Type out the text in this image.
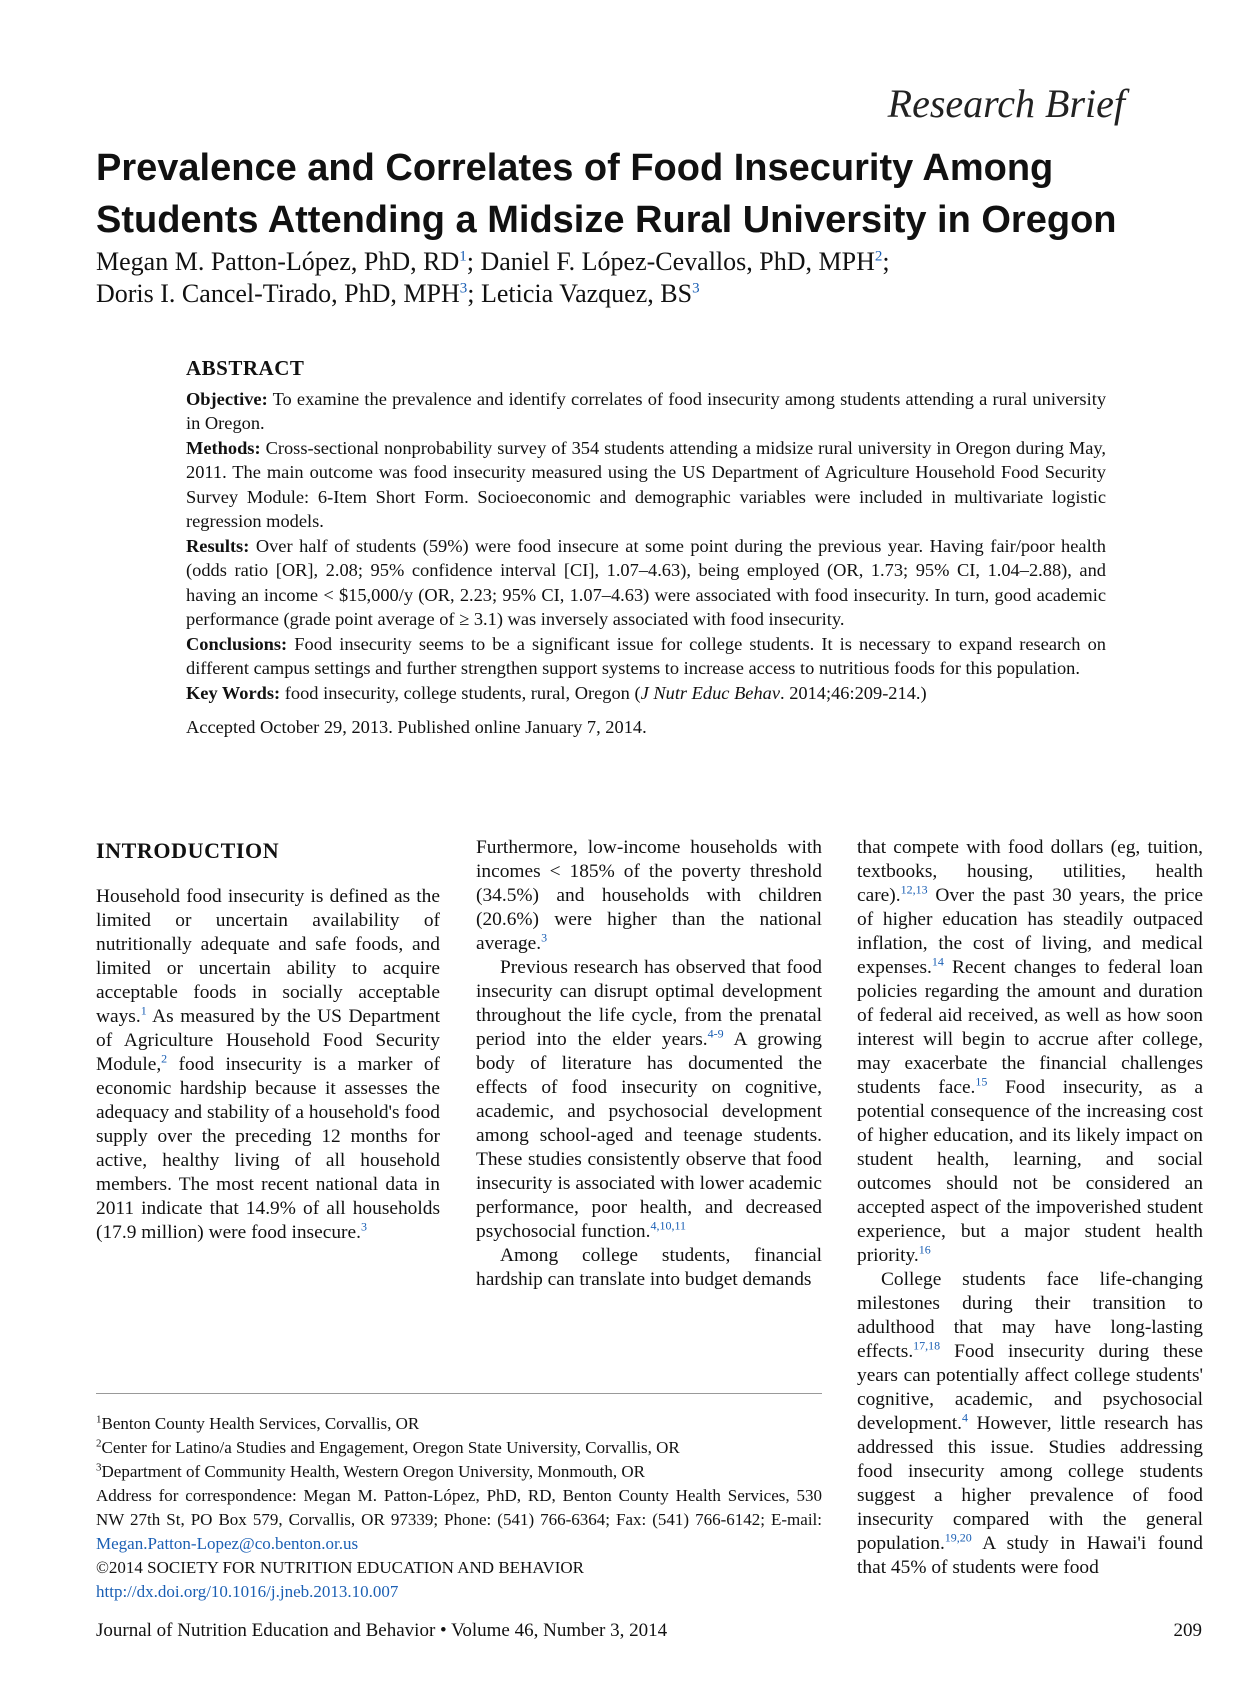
Research Brief
Prevalence and Correlates of Food Insecurity Among Students Attending a Midsize Rural University in Oregon
Megan M. Patton-López, PhD, $RD^1$; Daniel F. López-Cevallos, PhD, MPH$^2$;
Doris I. Cancel-Tirado, PhD, MPH$^3$; Leticia Vazquez, $BS^3$
ABSTRACT

Objective: To examine the prevalence and identify correlates of food insecurity among students attending a rural university in Oregon.

Methods: Cross-sectional nonprobability survey of 354 students attending a midsize rural university in Oregon during May, 2011. The main outcome was food insecurity measured using the US Department of Agriculture Household Food Security Survey Module: 6-Item Short Form. Socioeconomic and demographic variables were included in multivariate logistic regression models.

Results: Over half of students (59%) were food insecure at some point during the previous year. Having fair/poor health (odds ratio [OR], 2.08; 95% confidence interval [CI], 1.07–4.63), being employed (OR, 1.73; 95% CI, 1.04–2.88), and having an income < $15,000/y (OR, 2.23; 95% CI, 1.07–4.63) were associated with food insecurity. In turn, good academic performance (grade point average of ≥ 3.1) was inversely associated with food insecurity.

Conclusions: Food insecurity seems to be a significant issue for college students. It is necessary to expand research on different campus settings and further strengthen support systems to increase access to nutritious foods for this population.

Key Words: food insecurity, college students, rural, Oregon (J Nutr Educ Behav. 2014;46:209-214.)

Accepted October 29, 2013. Published online January 7, 2014.

INTRODUCTION

Household food insecurity is defined as the limited or uncertain availability of nutritionally adequate and safe foods, and limited or uncertain ability to acquire acceptable foods in socially acceptable ways.$^1$ As measured by the US Department of Agriculture Household Food Security Module,$^2$ food insecurity is a marker of economic hardship because it assesses the adequacy and stability of a household's food supply over the preceding 12 months for active, healthy living of all household members. The most recent national data in 2011 indicate that 14.9% of all households (17.9 million) were food insecure.$^3$

Furthermore, low-income households with incomes < 185% of the poverty threshold (34.5%) and households with children (20.6%) were higher than the national average.$^3$

Previous research has observed that food insecurity can disrupt optimal development throughout the life cycle, from the prenatal period into the elder years.$^{4-9}$ A growing body of literature has documented the effects of food insecurity on cognitive, academic, and psychosocial development among school-aged and teenage students. These studies consistently observe that food insecurity is associated with lower academic performance, poor health, and decreased psychosocial function.$^{4,10,11}$

Among college students, financial hardship can translate into budget demands

that compete with food dollars (eg, tuition, textbooks, housing, utilities, health care).$^{12,13}$ Over the past 30 years, the price of higher education has steadily outpaced inflation, the cost of living, and medical expenses.$^{14}$ Recent changes to federal loan policies regarding the amount and duration of federal aid received, as well as how soon interest will begin to accrue after college, may exacerbate the financial challenges students face.$^{15}$ Food insecurity, as a potential consequence of the increasing cost of higher education, and its likely impact on student health, learning, and social outcomes should not be considered an accepted aspect of the impoverished student experience, but a major student health priority.$^{16}$

College students face life-changing milestones during their transition to adulthood that may have long-lasting effects.$^{17,18}$ Food insecurity during these years can potentially affect college students' cognitive, academic, and psychosocial development.$^4$ However, little research has addressed this issue. Studies addressing food insecurity among college students suggest a higher prevalence of food insecurity compared with the general population.$^{19,20}$ A study in Hawai'i found that 45% of students were food

$^1$Benton County Health Services, Corvallis, OR

$^2$Center for Latino/a Studies and Engagement, Oregon State University, Corvallis, OR

$^3$Department of Community Health, Western Oregon University, Monmouth, OR

Address for correspondence: Megan M. Patton-López, PhD, RD, Benton County Health Services, 530 NW 27th St, PO Box 579, Corvallis, OR 97339; Phone: (541) 766-6364; Fax: (541) 766-6142; E-mail: Megan.Patton-Lopez@co.benton.or.us

©2014 SOCIETY FOR NUTRITION EDUCATION AND BEHAVIOR

http://dx.doi.org/10.1016/j.jneb.2013.10.007

Journal of Nutrition Education and Behavior • Volume 46, Number 3, 2014	209
